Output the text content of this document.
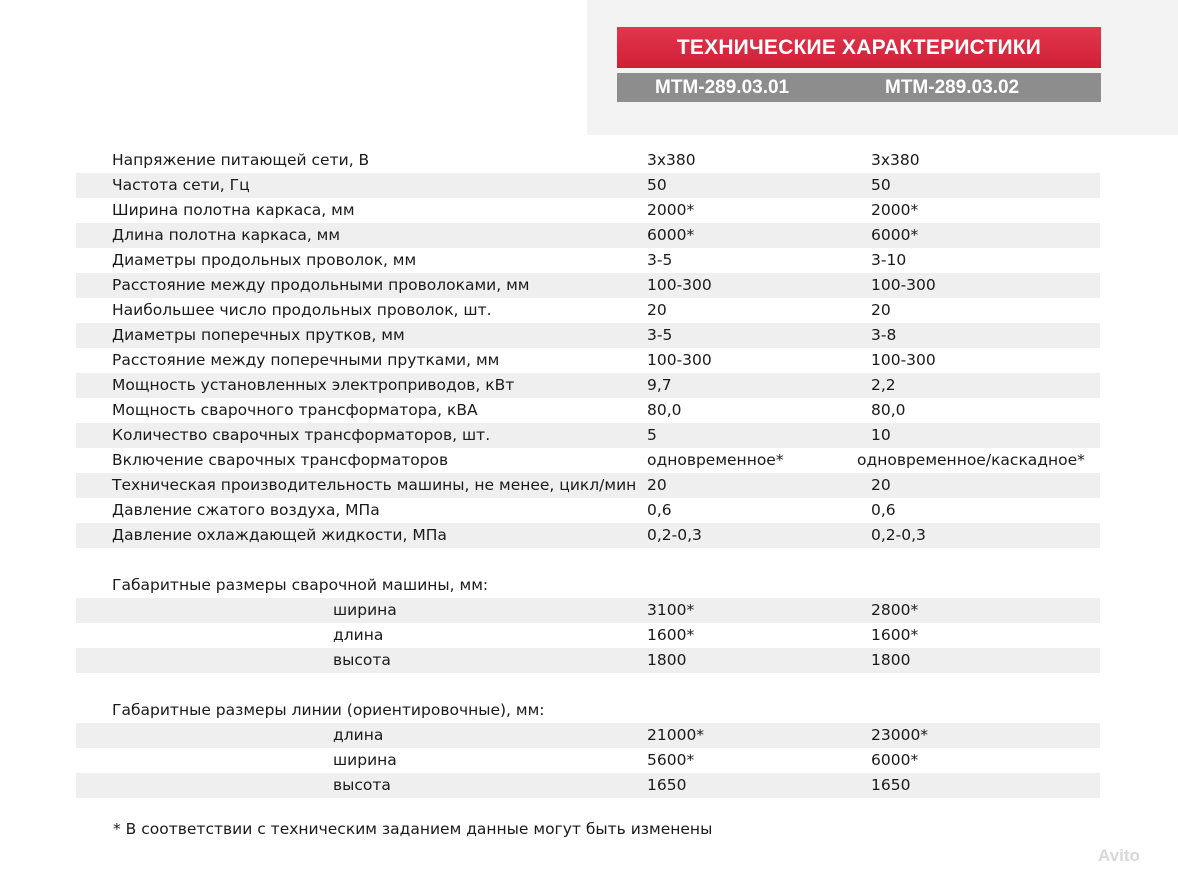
ТЕХНИЧЕСКИЕ ХАРАКТЕРИСТИКИ
МТМ-289.03.01	МТМ-289.03.02
Напряжение питающей сети, В	3х380	3х380
Частота сети, Гц	50	50
Ширина полотна каркаса, мм	2000*	2000*
Длина полотна каркаса, мм	6000*	6000*
Диаметры продольных проволок, мм	3-5	3-10
Расстояние между продольными проволоками, мм	100-300	100-300
Наибольшее число продольных проволок, шт.	20	20
Диаметры поперечных прутков, мм	3-5	3-8
Расстояние между поперечными прутками, мм	100-300	100-300
Мощность установленных электроприводов, кВт	9,7	2,2
Мощность сварочного трансформатора, кВА	80,0	80,0
Количество сварочных трансформаторов, шт.	5	10
Включение сварочных трансформаторов	одновременное*	одновременное/каскадное*
Техническая производительность машины, не менее, цикл/мин 20	20
Давление сжатого воздуха, МПа	0,6	0,6
Давление охлаждающей жидкости, МПа	0,2-0,3	0,2-0,3
Габаритные размеры сварочной машины, мм:
ширина	3100*	2800*
длина	1600*	1600*
высота	1800	1800
Габаритные размеры линии (ориентировочные), мм:
длина	21000*	23000*
ширина	5600*	6000*
высота	1650	1650
* В соответствии с техническим заданием данные могут быть изменены
Avito
